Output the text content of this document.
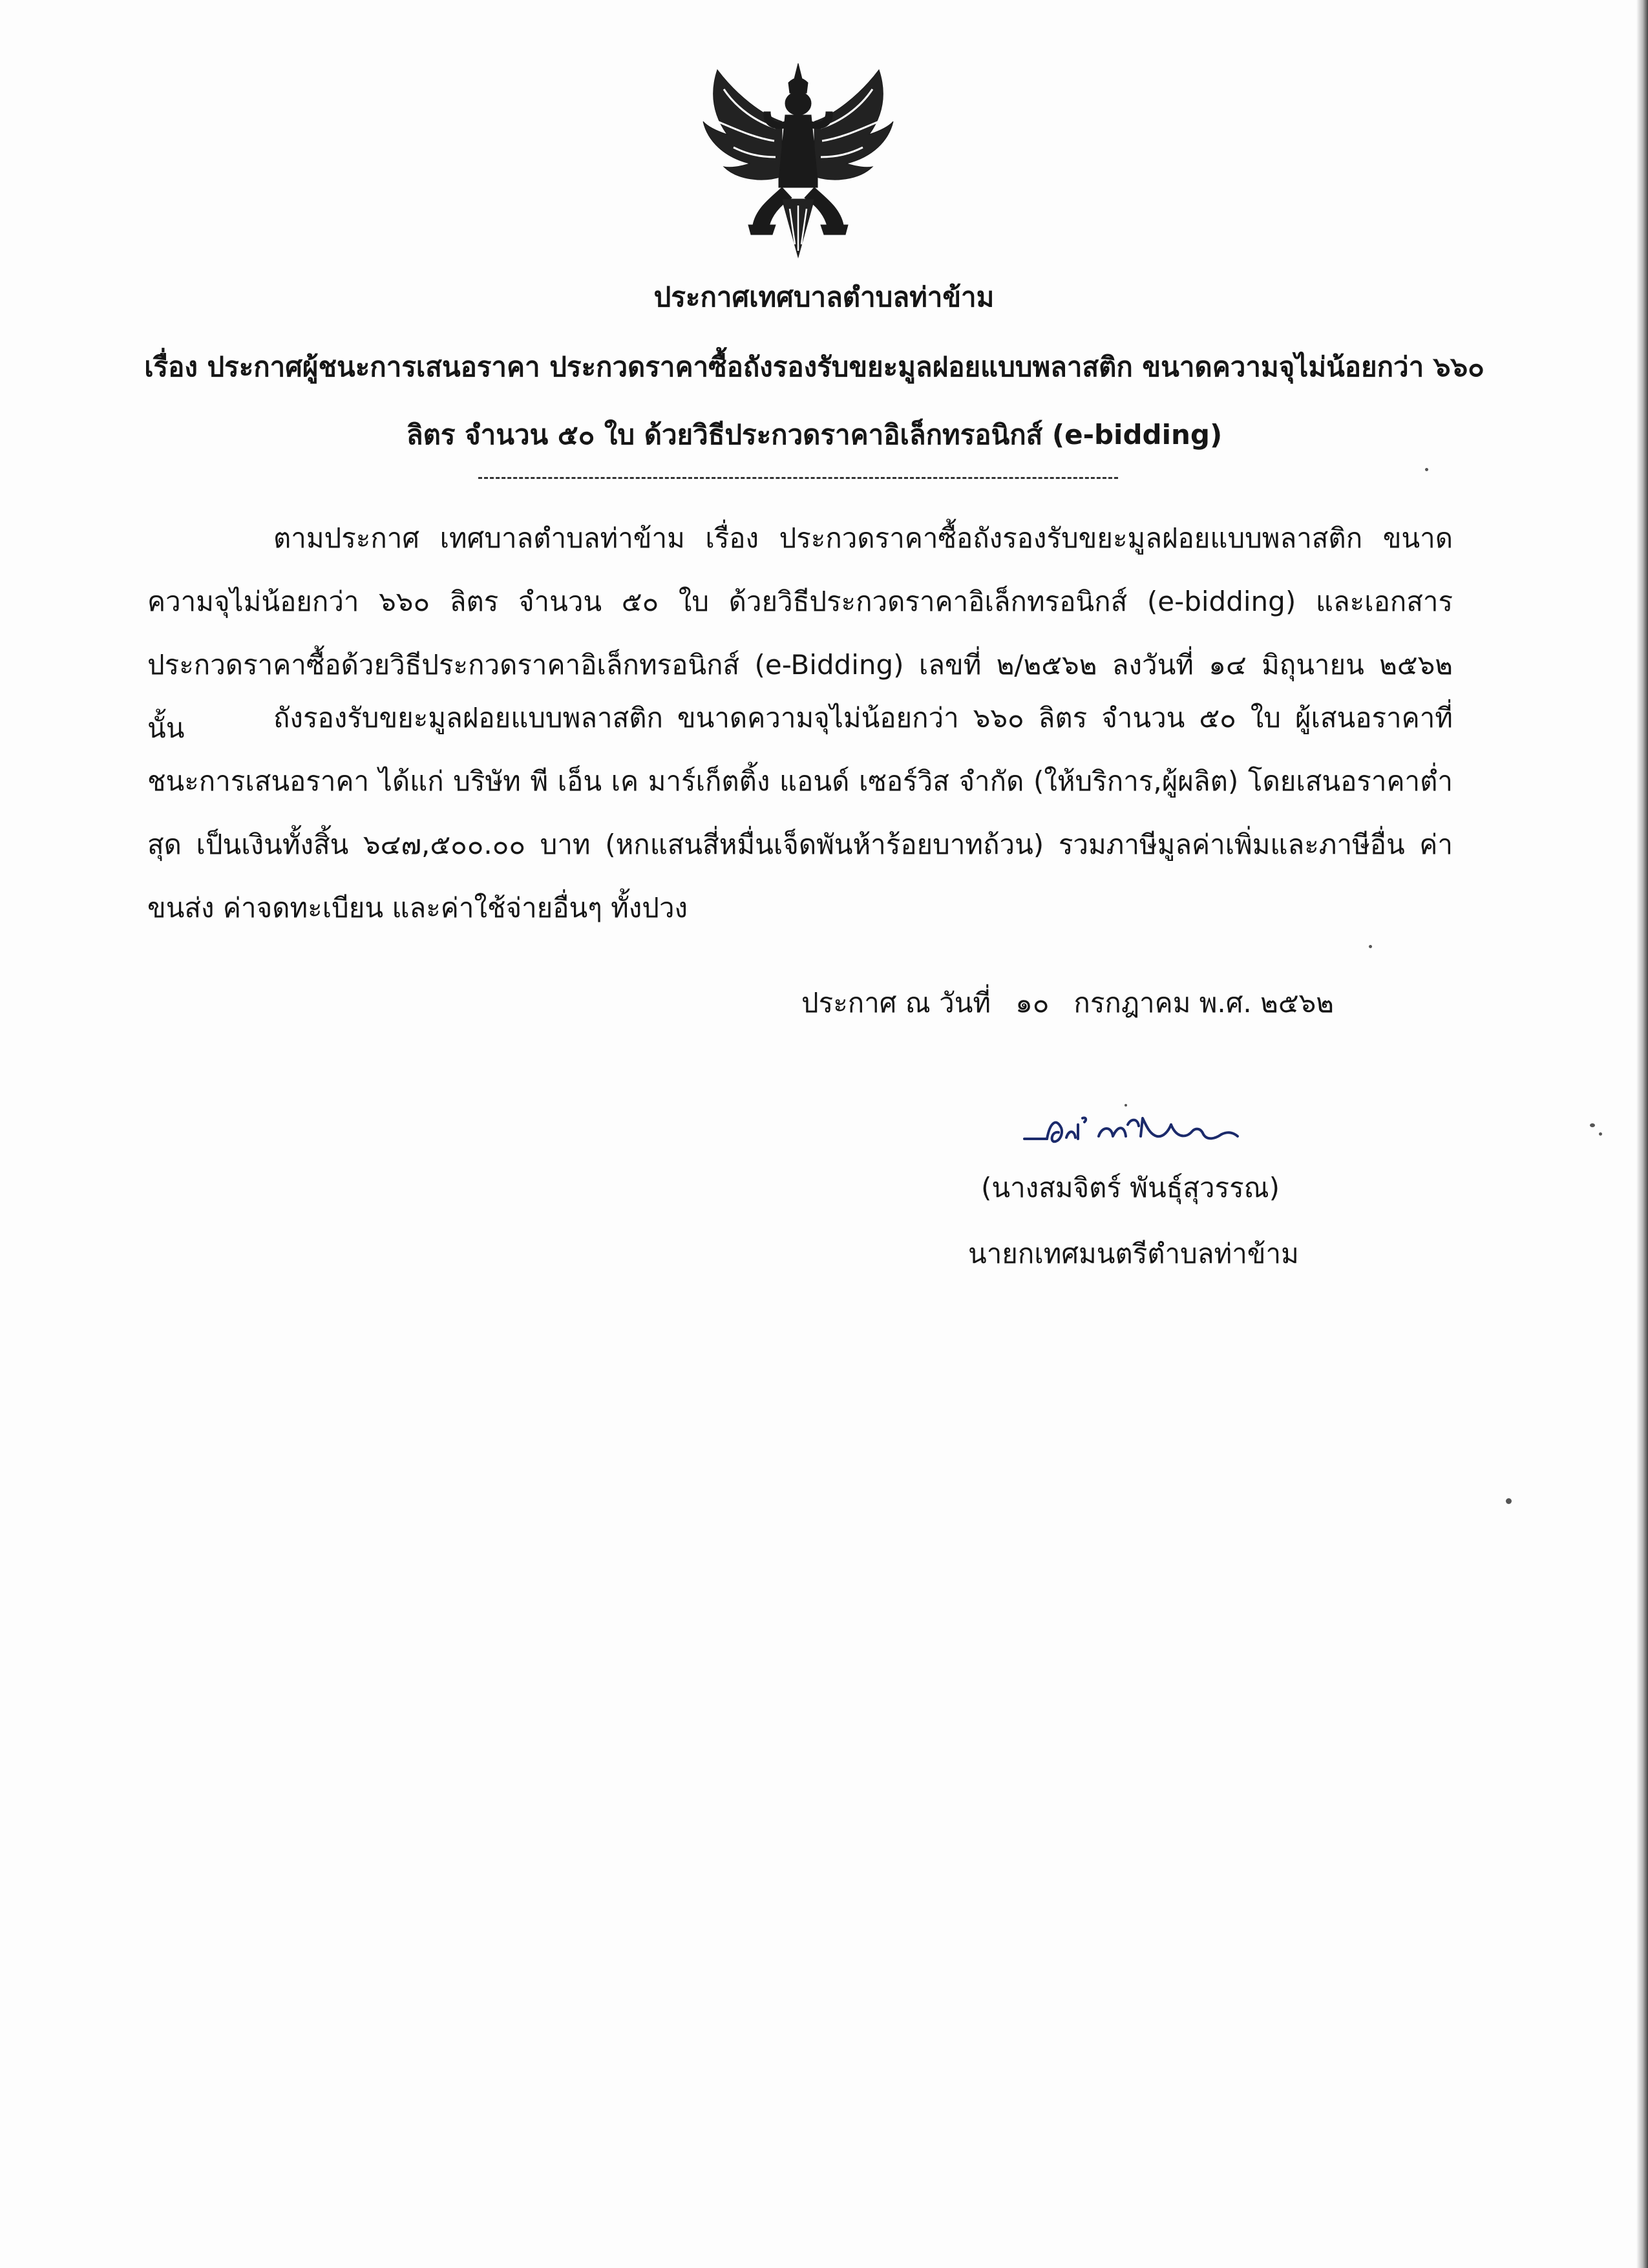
ประกาศเทศบาลตำบลท่าข้าม
เรื่อง ประกาศผู้ชนะการเสนอราคา ประกวดราคาซื้อถังรองรับขยะมูลฝอยแบบพลาสติก ขนาดความจุไม่น้อยกว่า ๖๖๐ ลิตร จำนวน ๕๐ ใบ ด้วยวิธีประกวดราคาอิเล็กทรอนิกส์ (e-bidding)
ตามประกาศ เทศบาลตำบลท่าข้าม เรื่อง ประกวดราคาซื้อถังรองรับขยะมูลฝอยแบบพลาสติก ขนาดความจุไม่น้อยกว่า ๖๖๐ ลิตร จำนวน ๕๐ ใบ ด้วยวิธีประกวดราคาอิเล็กทรอนิกส์ (e-bidding) และเอกสารประกวดราคาซื้อด้วยวิธีประกวดราคาอิเล็กทรอนิกส์ (e-Bidding) เลขที่ ๒/๒๕๖๒ ลงวันที่ ๑๔ มิถุนายน ๒๕๖๒ นั้น	ถังรองรับขยะมูลฝอยแบบพลาสติก ขนาดความจุไม่น้อยกว่า ๖๖๐ ลิตร จำนวน ๕๐ ใบ ผู้เสนอราคาที่ชนะการเสนอราคา ได้แก่ บริษัท พี เอ็น เค มาร์เก็ตติ้ง แอนด์ เซอร์วิส จำกัด (ให้บริการ,ผู้ผลิต) โดยเสนอราคาต่ำสุด เป็นเงินทั้งสิ้น ๖๔๗,๕๐๐.๐๐ บาท (หกแสนสี่หมื่นเจ็ดพันห้าร้อยบาทถ้วน) รวมภาษีมูลค่าเพิ่มและภาษีอื่น ค่าขนส่ง ค่าจดทะเบียน และค่าใช้จ่ายอื่นๆ ทั้งปวง
ประกาศ ณ วันที่ ๑๐ กรกฎาคม พ.ศ. ๒๕๖๒
(นางสมจิตร์ พันธุ์สุวรรณ)
นายกเทศมนตรีตำบลท่าข้าม
